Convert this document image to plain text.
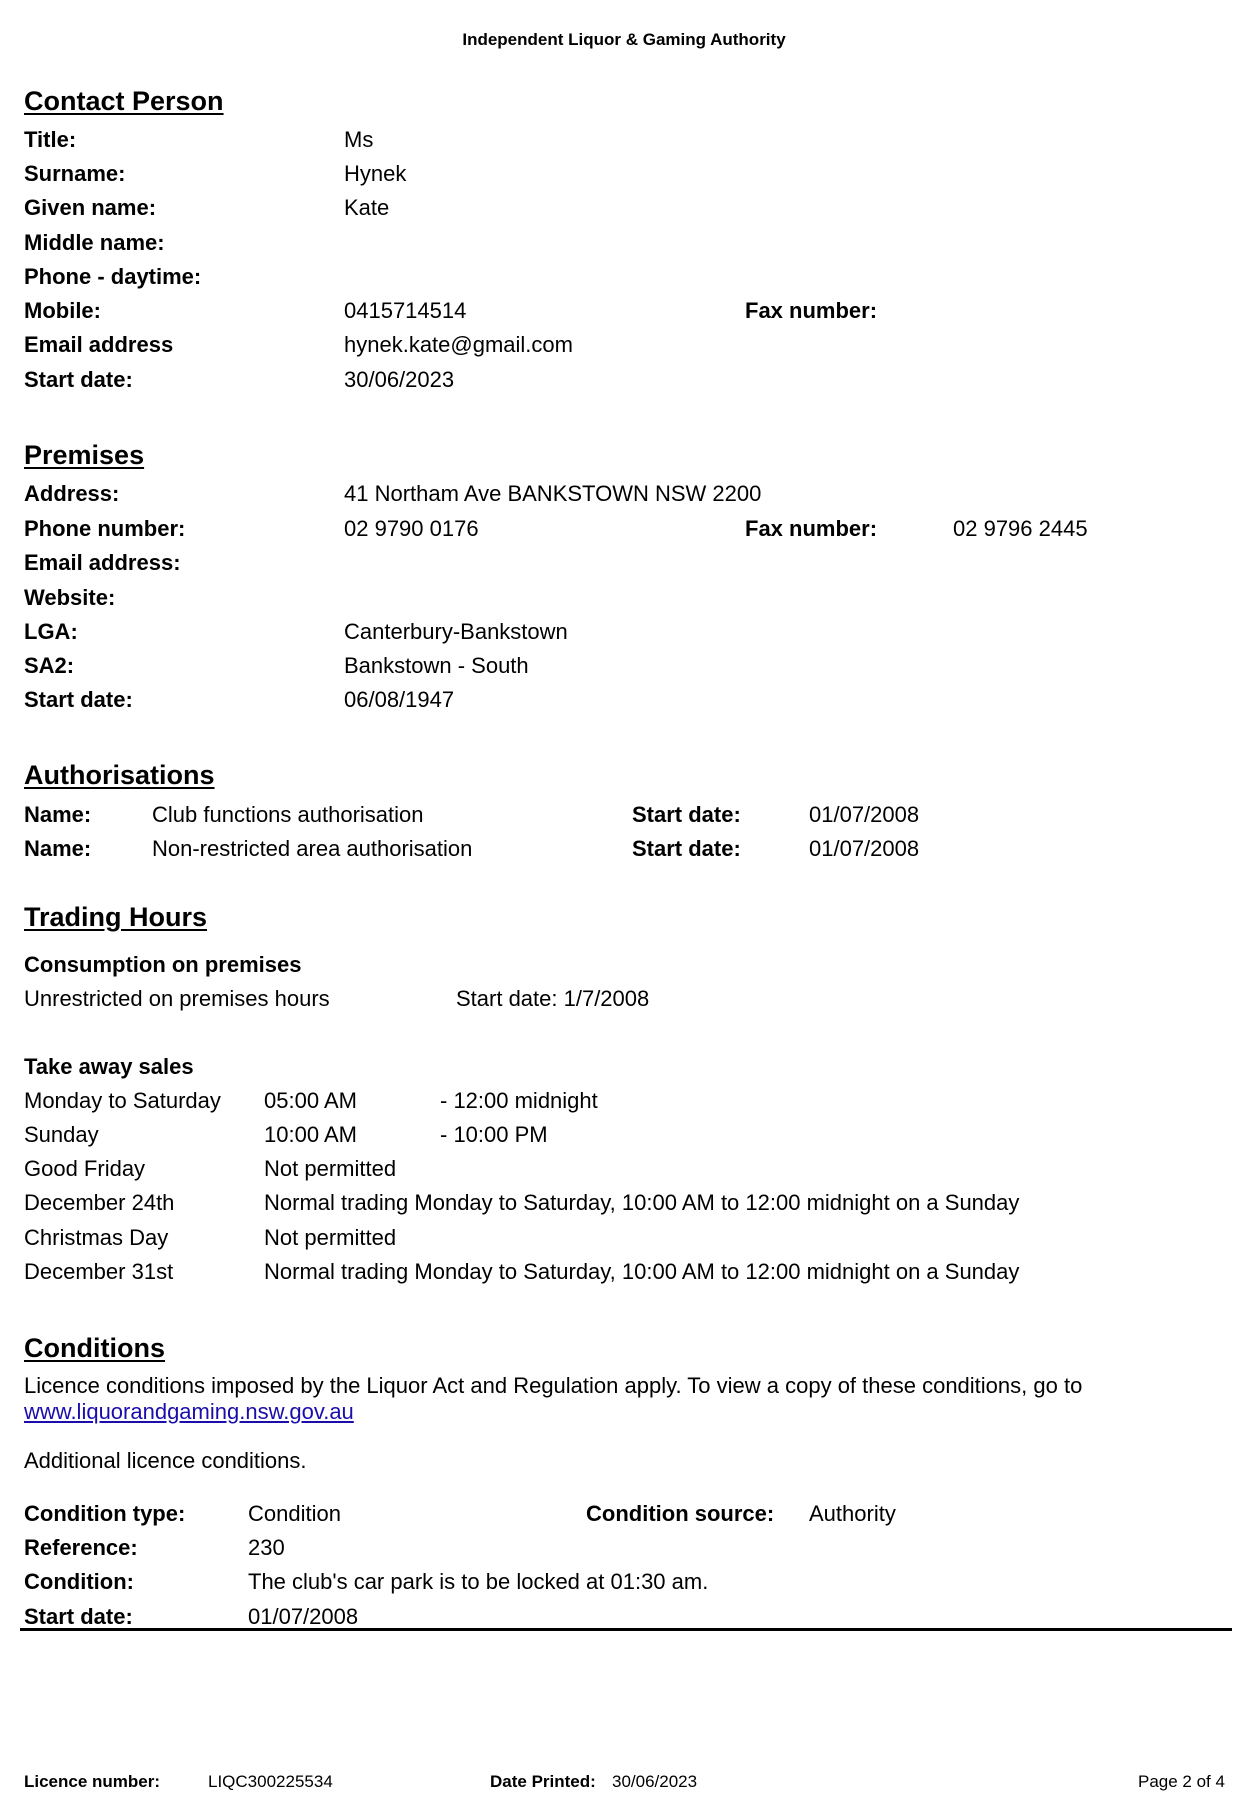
Independent Liquor & Gaming Authority
Contact Person
Title:	Ms
Surname:	Hynek
Given name:	Kate
Middle name:
Phone - daytime:
Mobile:	0415714514	Fax number:
Email address	hynek.kate@gmail.com
Start date:	30/06/2023
Premises
Address:	41 Northam Ave BANKSTOWN NSW 2200
Phone number:	02 9790 0176	Fax number:	02 9796 2445
Email address:
Website:
LGA:	Canterbury-Bankstown
SA2:	Bankstown - South
Start date:	06/08/1947
Authorisations
Name:	Club functions authorisation	Start date:	01/07/2008
Name:	Non-restricted area authorisation	Start date:	01/07/2008
Trading Hours
Consumption on premises
Unrestricted on premises hours	Start date: 1/7/2008
Take away sales
Monday to Saturday 05:00 AM	- 12:00 midnight
Sunday	10:00 AM	- 10:00 PM
Good Friday	Not permitted
December 24th	Normal trading Monday to Saturday, 10:00 AM to 12:00 midnight on a Sunday
Christmas Day	Not permitted
December 31st	Normal trading Monday to Saturday, 10:00 AM to 12:00 midnight on a Sunday
Conditions
Licence conditions imposed by the Liquor Act and Regulation apply. To view a copy of these conditions, go to
www.liquorandgaming.nsw.gov.au
Additional licence conditions.
Condition type:	Condition	Condition source: Authority
Reference:	230
Condition:	The club's car park is to be locked at 01:30 am.
Start date:	01/07/2008
Licence number:	LIQC300225534	Date Printed: 30/06/2023	Page 2 of 4
